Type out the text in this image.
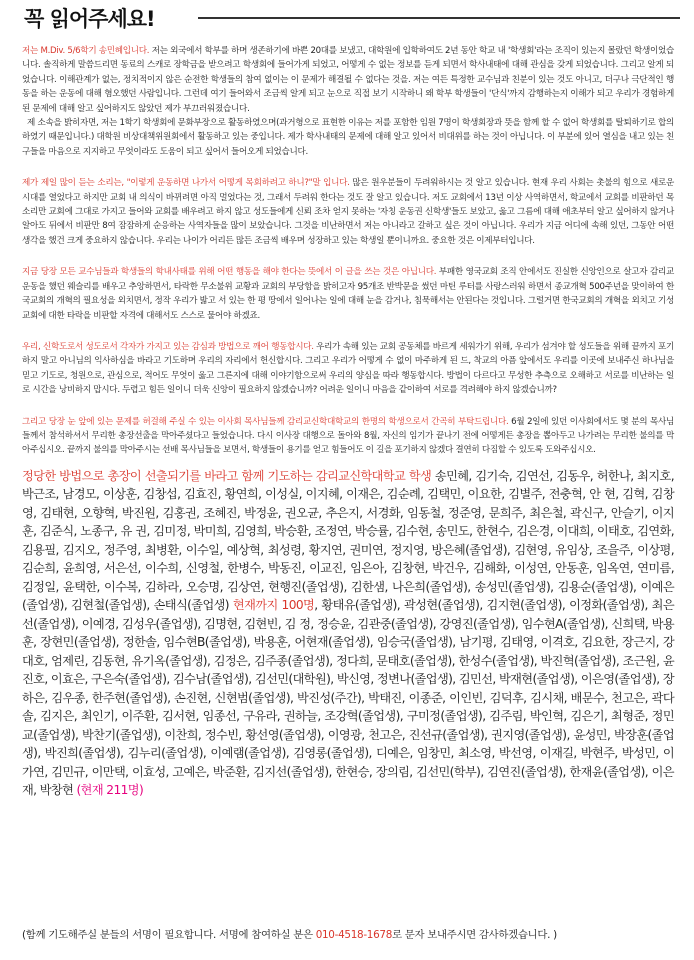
꼭 읽어주세요!

저는 M.Div. 5/6학기 송민혜입니다. 저는 외국에서 학부를 하며 생존하기에 바쁜 20대를 보냈고, 대학원에 입학하여도 2년 동안 학교 내 '학생회'라는 조직이 있는지 몰랐던 학생이었습니다. 솔직하게 말씀드리면 동료의 스캐로 장학금을 받으려고 학생회에 들어가게 되었고, 어떻게 수 없는 정보를 듣게 되면서 학사내태에 대해 관심을 갖게 되었습니다. 그리고 알게 되었습니다. 이해관계가 없는, 정치적이지 않은 순전한 학생들의 참여 없이는 이 문제가 해결될 수 없다는 것을. 저는 여든 특정한 교수님과 친분이 있는 것도 아니고, 더구나 극단적인 행동을 하는 운동에 대해 혐오했던 사람입니다. 그런데 여기 들어와서 조금씩 알게 되고 눈으로 직접 보기 시작하니 왜 학부 학생들이 '단식'까지 감행하는지 이해가 되고 우리가 경험하게 된 문제에 대해 알고 싶어하지도 않았던 제가 부끄러워졌습니다.
제 소속을 밝히자면, 저는 1학기 학생회에 문화부장으로 활동하였으며(과거형으로 표현한 이유는 저를 포함한 임원 7명이 학생회장과 뜻을 함께 할 수 없어 학생회를 탈퇴하기로 합의하였기 때문입니다.) 대학원 비상대책위원회에서 활동하고 있는 중입니다. 제가 학사내태의 문제에 대해 알고 있어서 비대위를 하는 것이 아닙니다. 이 부분에 있어 열심을 내고 있는 친구들을 마음으로 지지하고 무엇이라도 도움이 되고 싶어서 들어오게 되었습니다.

제가 제일 많이 듣는 소리는, "이렇게 운동하면 나가서 어떻게 목회하려고 하니?"말 입니다. 많은 원우분들이 두려워하시는 것 알고 있습니다. 현재 우리 사회는 촛불의 힘으로 새로운 시대를 열었다고 하지만 교회 내 의식이 바뀌려면 아직 멀었다는 것, 그래서 두려워 한다는 것도 잘 알고 있습니다. 저도 교회에서 13년 이상 사역하면서, 학교에서 교회를 비판하던 목소리만 교회에 그대로 가지고 들어와 교회를 배우려고 하지 않고 성도들에게 신뢰 조차 얻지 못하는 '자칭 운동권 신학생'들도 보았고, 옳고 그름에 대해 애초부터 알고 싶어하지 않거나 알아도 뒤에서 비판만 8여 잠잠하게 순응하는 사역자들을 많이 보았습니다. 그것을 비난하면서 저는 아니라고 갈하고 싶은 것이 아닙니다. 우리가 지금 어디에 속해 있던, 그동안 어떤 생각을 했건 크게 중요하지 않습니다. 우리는 나이가 어리든 많든 조금씩 배우며 성장하고 있는 학생일 뿐이니까요. 중요한 것은 이제부터입니다.

지금 당장 모든 교수님들과 학생들의 학내사태를 위해 어떤 행동을 해야 한다는 뜻에서 이 글을 쓰는 것은 아닙니다. 부패한 영국교회 조직 안에서도 진실한 신앙인으로 살고자 감리교 운동을 했던 웨슬리를 배우고 추앙하면서, 타락한 무소불위 교황과 교회의 부당함을 밝히고자 95개조 반박문을 썼던 마틴 루터를 사랑스러워 하면서 종교개혁 500주년을 맞이하여 한국교회의 개혁의 필요성을 외치면서, 정작 우리가 밟고 서 있는 한 평 땅에서 일어나는 일에 대해 눈을 감거나, 침묵해서는 안된다는 것입니다. 그럴거면 한국교회의 개혁을 외치고 기성교회에 대한 타락을 비판할 자격에 대해서도 스스로 물어야 하겠죠.

우리, 신학도로서 성도로서 각자가 가지고 있는 감심과 방법으로 깨어 행동합시다. 우리가 속해 있는 교회 공동체를 바르게 세워가기 위해, 우리가 섬겨야 할 성도들을 위해 끝까지 포기하지 말고 아니님의 익사하심을 바라고 기도하며 우리의 자리에서 헌신합시다. 그리고 우리가 어떻게 수 없이 마주하게 된 드, 착교의 아픔 앞에서도 우리를 이곳에 보내주신 하나님을 믿고 기도로, 청원으로, 관심으로, 적어도 무엇이 옳고 그른지에 대해 이야기함으로써 우리의 양심을 따라 행동합시다. 방법이 다르다고 무성한 추측으로 오해하고 서로를 비난하는 일로 시간을 낭비하지 맙시다. 두렵고 힘든 일이니 더욱 신앙이 필요하지 않겠습니까? 어려운 일이니 마음을 같이하여 서로를 격려해야 하지 않겠습니까?

그리고 당장 눈 앞에 있는 문제를 허걸해 주실 수 있는 이사회 목사님들께 감리교신학대학교의 한명의 학생으로서 간곡히 부탁드립니다. 6월 2일에 있던 이사회에서도 몇 분의 목사님들께서 참석하셔서 무리한 총장선출을 막아주셨다고 들었습니다. 다시 이사장 대행으로 돌아와 8월, 자신의 임기가 끝나기 전에 어떻게든 총장을 뽑아두고 나가려는 무리한 불의를 막아주십시오. 끝까지 불의를 막아주시는 선배 목사님들을 보면서, 학생들이 용기를 얻고 힘들어도 이 길을 포기하지 않겠다 결연히 다짐할 수 있도록 도와주십시오.

정당한 방법으로 총장이 선출되기를 바라고 함께 기도하는 감리교신학대학교 학생 송민혜, 김기숙, 김연선, 김동우, 허한나, 최지호, 박근조, 남경모, 이상훈, 김창섭, 김효진, 황연희, 이성실, 이지혜, 이재은, 김순례, 김택민, 이요한, 김별주, 전충혁, 안 현, 김혁, 김창영, 김태현, 오향혁, 박진원, 김홍권, 조혜진, 박정윤, 권오균, 추은지, 서경화, 임동철, 정준영, 문희주, 최은철, 곽신구, 안슬기, 이지훈, 김준식, 노종구, 유 권, 김미정, 박미희, 김영희, 박승환, 조정연, 박승률, 김수현, 송민도, 한현수, 김은경, 이대희, 이태호, 김연화, 김용필, 김지오, 정주영, 최병환, 이수일, 예상혁, 최성령, 황지연, 권미연, 정지영, 방은혜(졸업생), 김현영, 유임상, 조을주, 이상평, 김순희, 윤희영, 서은선, 이수희, 신영철, 한병수, 박동진, 이교진, 임은아, 김창현, 박건우, 김해화, 이성연, 안동훈, 임옥연, 연미름, 김정일, 윤택한, 이수복, 김하라, 오승명, 김상연, 현행진(졸업생), 김한샘, 나은희(졸업생), 송성민(졸업생), 김용순(졸업생), 이예은(졸업생), 김현철(졸업생), 손태식(졸업생) 현재까지 100명, 황태유(졸업생), 곽성현(졸업생), 김지현(졸업생), 이정화(졸업생), 최은선(졸업생), 이예경, 김성우(졸업생), 김명현, 김현빈, 김 정, 정승윤, 김관중(졸업생), 강영진(졸업생), 임수현A(졸업생), 신희택, 박용훈, 장현민(졸업생), 정한솔, 임수현B(졸업생), 박용훈, 어현재(졸업생), 임승국(졸업생), 남기평, 김태영, 이격호, 김요한, 장근지, 강대호, 엄제린, 김동현, 유기옥(졸업생), 김정은, 김주종(졸업생), 정다희, 문태호(졸업생), 한성수(졸업생), 박진혁(졸업생), 조근원, 윤진호, 이효은, 구은숙(졸업생), 김수남(졸업생), 김선민(대학원), 박신영, 정변나(졸업생), 김민선, 박재현(졸업생), 이은영(졸업생), 장하은, 김우종, 한주현(졸업생), 손진현, 신현범(졸업생), 박진성(주간), 박태진, 이종준, 이인빈, 김덕후, 김시채, 배문수, 천고은, 곽다솔, 김지은, 최인기, 이주환, 김서현, 임종선, 구유라, 권하늘, 조강혁(졸업생), 구미정(졸업생), 김주림, 박인혁, 김은기, 최형준, 정민교(졸업생), 박찬기(졸업생), 이찬희, 정수빈, 황선영(졸업생), 이영광, 천고은, 진선규(졸업생), 권지영(졸업생), 윤성민, 박장훈(졸업생), 박진희(졸업생), 김누리(졸업생), 이예램(졸업생), 김영롱(졸업생), 디예은, 임창민, 최소영, 박선영, 이재길, 박현주, 박성민, 이가연, 김민규, 이만택, 이효성, 고예은, 박준환, 김지선(졸업생), 한현승, 장의림, 김선민(학부), 김연진(졸업생), 한재윤(졸업생), 이은재, 박창현 (현재 211명)
(함께 기도해주실 분들의 서명이 필요합니다. 서명에 참여하실 분은 010-4518-1678로 문자 보내주시면 감사하겠습니다. )
